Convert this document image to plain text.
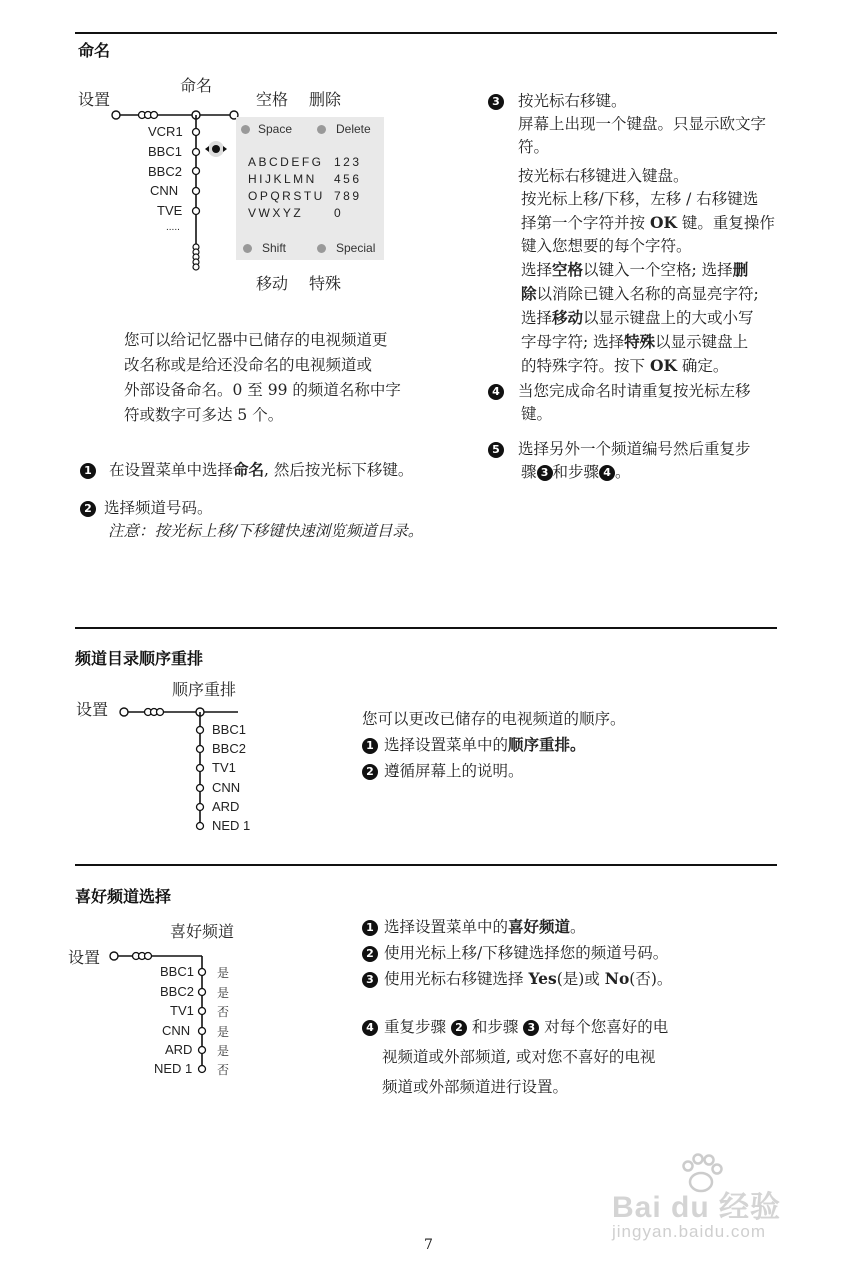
命名
设置
命名
空格 删除
移动 特殊
VCR1
BBC1
BBC2
CNN
TVE
.....
Space	Delete
ABCDEFG
HIJKLMN
OPQRSTU
VWXYZ
123
456
789
0
Shift	Special
您可以给记忆器中已储存的电视频道更
改名称或是给还没命名的电视频道或
外部设备命名。0 至 99 的频道名称中字
符或数字可多达 5 个。
1 在设置菜单中选择命名, 然后按光标下移键。
2 选择频道号码。
注意：按光标上移/下移键快速浏览频道目录。
3 按光标右移键。
屏幕上出现一个键盘。只显示欧文字
符。
按光标右移键进入键盘。
按光标上移/下移，左移 / 右移键选
择第一个字符并按 OK 键。重复操作
键入您想要的每个字符。
选择空格以键入一个空格; 选择删
除以消除已键入名称的高显亮字符;
选择移动以显示键盘上的大或小写
字母字符; 选择特殊以显示键盘上
的特殊字符。按下 OK 确定。
4 当您完成命名时请重复按光标左移
键。
5 选择另外一个频道编号然后重复步
骤 3 和步骤 4 。
频道目录顺序重排
设置
顺序重排
BBC1
BBC2
TV1
CNN
ARD
NED 1
您可以更改已储存的电视频道的顺序。
1 选择设置菜单中的顺序重排。
2 遵循屏幕上的说明。
喜好频道选择
设置
喜好频道
BBC1
BBC2
TV1
CNN
ARD
NED 1
是
是
否
是
是
否
1 选择设置菜单中的喜好频道。
2 使用光标上移/下移键选择您的频道号码。
3 使用光标右移键选择 Yes(是)或 No(否)。
4 重复步骤 2 和步骤 3 对每个您喜好的电
视频道或外部频道, 或对您不喜好的电视
频道或外部频道进行设置。
7
Bai du 经验
jingyan.baidu.com
